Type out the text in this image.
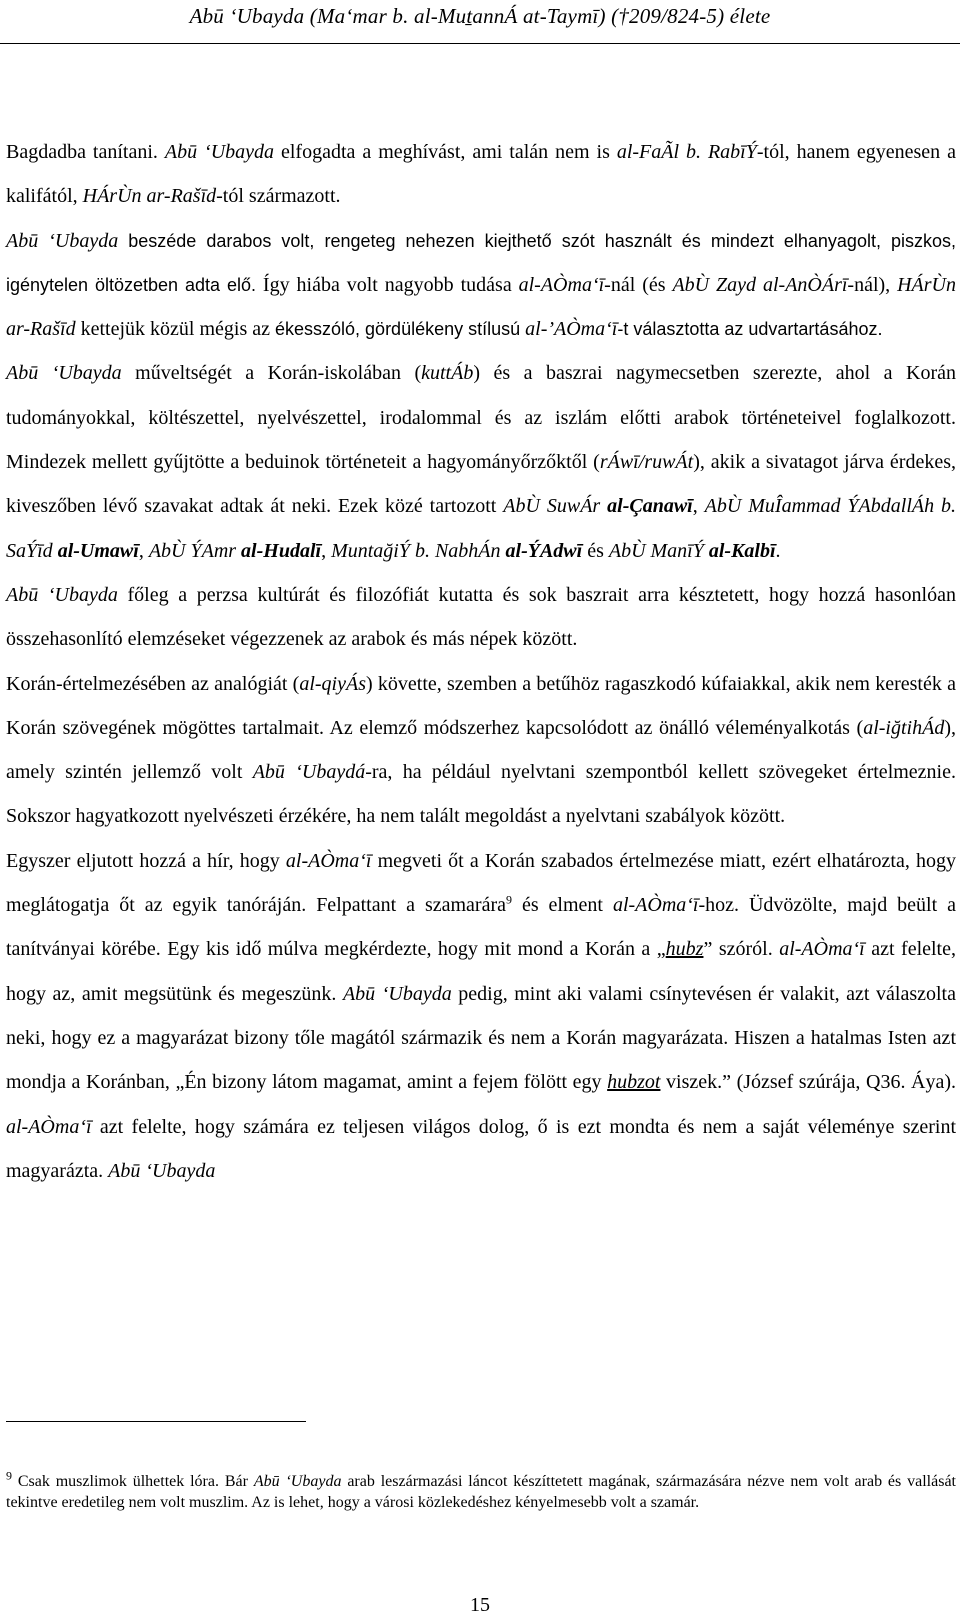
Abū ‘Ubayda (Ma‘mar b. al-MuṯannÁ at-Taymī) (†209/824-5) élete

Bagdadba tanítani. Abū ‘Ubayda elfogadta a meghívást, ami talán nem is al-FaÃl b. RabīÝ-tól, hanem egyenesen a kalifától, HÁrÙn ar-Rašīd-tól származott.

Abū ‘Ubayda beszéde darabos volt, rengeteg nehezen kiejthető szót használt és mindezt elhanyagolt, piszkos, igénytelen öltözetben adta elő. Így hiába volt nagyobb tudása al-AÒma‘ī-nál (és AbÙ Zayd al-AnÒÁrī-nál), HÁrÙn ar-Rašīd kettejük közül mégis az ékesszóló, gördülékeny stílusú al-’AÒma‘ī-t választotta az udvartartásához.

Abū ‘Ubayda műveltségét a Korán-iskolában (kuttÁb) és a baszrai nagymecsetben szerezte, ahol a Korán tudományokkal, költészettel, nyelvészettel, irodalommal és az iszlám előtti arabok történeteivel foglalkozott. Mindezek mellett gyűjtötte a beduinok történeteit a hagyományőrzőktől (rÁwī/ruwÁt), akik a sivatagot járva érdekes, kiveszőben lévő szavakat adtak át neki. Ezek közé tartozott AbÙ SuwÁr al-Çanawī, AbÙ MuÎammad ÝAbdallÁh b. SaÝīd al-Umawī, AbÙ ÝAmr al-Hudalī, MuntağiÝ b. NabhÁn al-ÝAdwī és AbÙ ManīÝ al-Kalbī.

Abū ‘Ubayda főleg a perzsa kultúrát és filozófiát kutatta és sok baszrait arra késztetett, hogy hozzá hasonlóan összehasonlító elemzéseket végezzenek az arabok és más népek között.

Korán-értelmezésében az analógiát (al-qiyÁs) követte, szemben a betűhöz ragaszkodó kúfaiakkal, akik nem keresték a Korán szövegének mögöttes tartalmait. Az elemző módszerhez kapcsolódott az önálló véleményalkotás (al-iğtihÁd), amely szintén jellemző volt Abū ‘Ubaydá-ra, ha például nyelvtani szempontból kellett szövegeket értelmeznie. Sokszor hagyatkozott nyelvészeti érzékére, ha nem talált megoldást a nyelvtani szabályok között.

Egyszer eljutott hozzá a hír, hogy al-AÒma‘ī megveti őt a Korán szabados értelmezése miatt, ezért elhatározta, hogy meglátogatja őt az egyik tanóráján. Felpattant a szamarára$^9$ és elment al-AÒma‘ī-hoz. Üdvözölte, majd beült a tanítványai körébe. Egy kis idő múlva megkérdezte, hogy mit mond a Korán a „hubz” szóról. al-AÒma‘ī azt felelte, hogy az, amit megsütünk és megeszünk. Abū ‘Ubayda pedig, mint aki valami csínytevésen ér valakit, azt válaszolta neki, hogy ez a magyarázat bizony tőle magától származik és nem a Korán magyarázata. Hiszen a hatalmas Isten azt mondja a Koránban, „Én bizony látom magamat, amint a fejem fölött egy hubzot viszek.” (József szúrája, Q36. Áya). al-AÒma‘ī azt felelte, hogy számára ez teljesen világos dolog, ő is ezt mondta és nem a saját véleménye szerint magyarázta. Abū ‘Ubayda

$^9$ Csak muszlimok ülhettek lóra. Bár Abū ‘Ubayda arab leszármazási láncot készíttetett magának, származására nézve nem volt arab és vallását tekintve eredetileg nem volt muszlim. Az is lehet, hogy a városi közlekedéshez kényelmesebb volt a szamár.

15
